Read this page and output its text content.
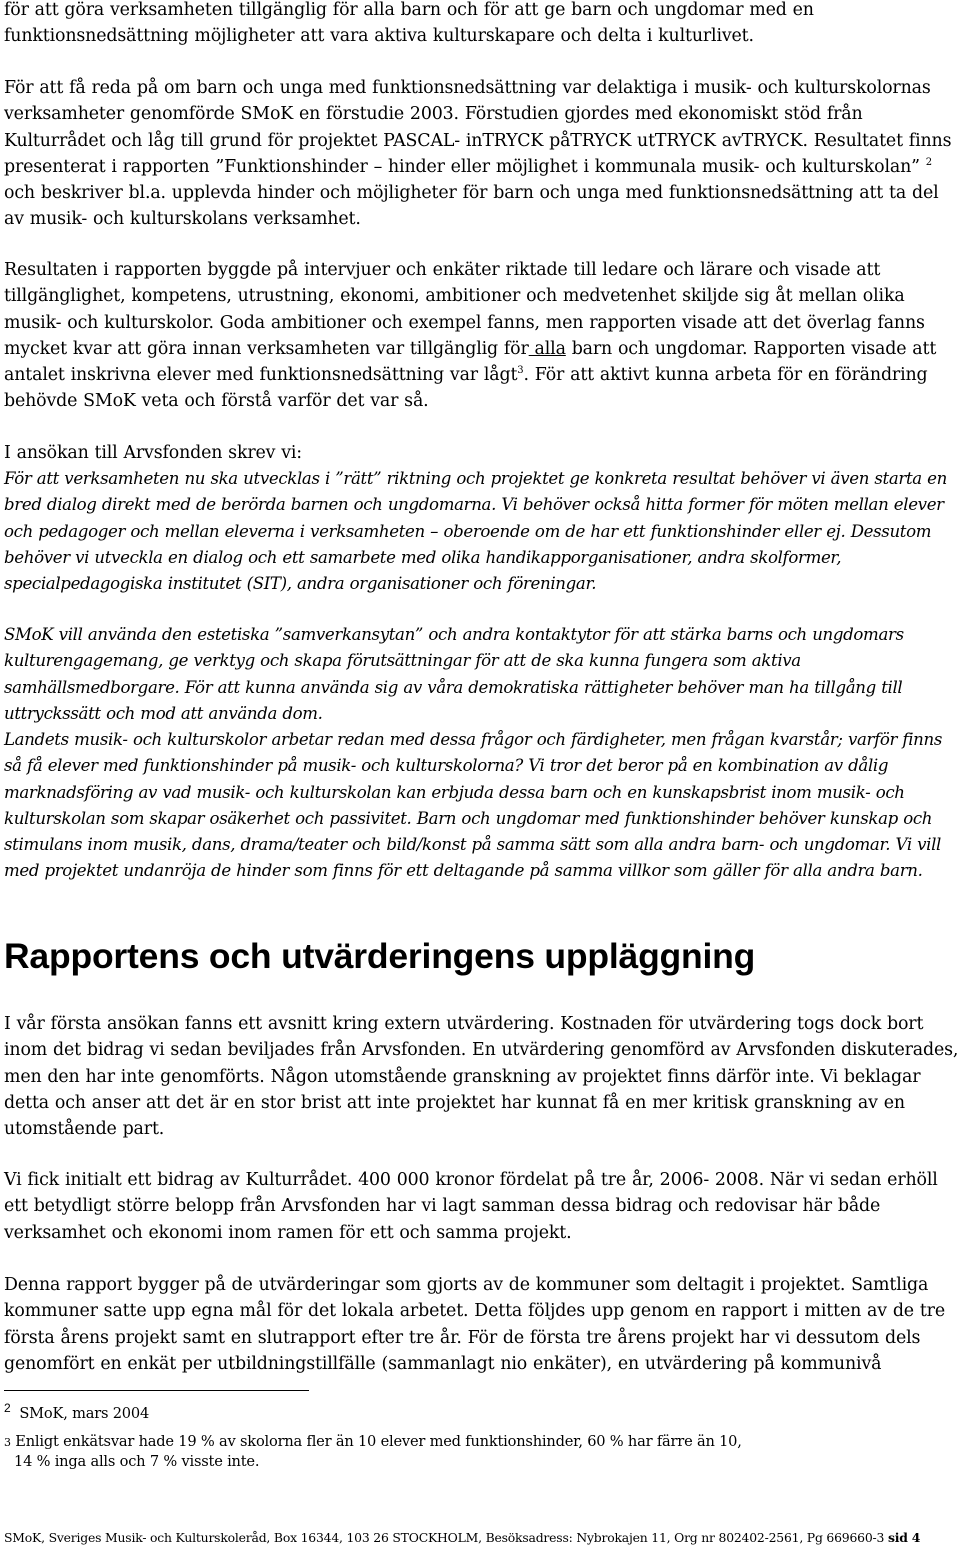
för att göra verksamheten tillgänglig för alla barn och för att ge barn och ungdomar med en

funktionsnedsättning möjligheter att vara aktiva kulturskapare och delta i kulturlivet.

För att få reda på om barn och unga med funktionsnedsättning var delaktiga i musik- och kulturskolornas verksamheter genomförde SMoK en förstudie 2003. Förstudien gjordes med ekonomiskt stöd från Kulturrådet och låg till grund för projektet PASCAL- inTRYCK påTRYCK utTRYCK avTRYCK. Resultatet finns presenterat i rapporten ”Funktionshinder – hinder eller möjlighet i kommunala musik- och kulturskolan” $^2$ och beskriver bl.a. upplevda hinder och möjligheter för barn och unga med funktionsnedsättning att ta del av musik- och kulturskolans verksamhet.

Resultaten i rapporten byggde på intervjuer och enkäter riktade till ledare och lärare och visade att tillgänglighet, kompetens, utrustning, ekonomi, ambitioner och medvetenhet skiljde sig åt mellan olika musik- och kulturskolor. Goda ambitioner och exempel fanns, men rapporten visade att det överlag fanns mycket kvar att göra innan verksamheten var tillgänglig för alla barn och ungdomar. Rapporten visade att antalet inskrivna elever med funktionsnedsättning var lågt$^3$. För att aktivt kunna arbeta för en förändring behövde SMoK veta och förstå varför det var så.

I ansökan till Arvsfonden skrev vi:

För att verksamheten nu ska utvecklas i ”rätt” riktning och projektet ge konkreta resultat behöver vi även starta en bred dialog direkt med de berörda barnen och ungdomarna. Vi behöver också hitta former för möten mellan elever och pedagoger och mellan eleverna i verksamheten – oberoende om de har ett funktionshinder eller ej. Dessutom behöver vi utveckla en dialog och ett samarbete med olika handikapporganisationer, andra skolformer, specialpedagogiska institutet (SIT), andra organisationer och föreningar.

SMoK vill använda den estetiska ”samverkansytan” och andra kontaktytor för att stärka barns och ungdomars kulturengagemang, ge verktyg och skapa förutsättningar för att de ska kunna fungera som aktiva samhällsmedborgare. För att kunna använda sig av våra demokratiska rättigheter behöver man ha tillgång till uttryckssätt och mod att använda dom.

Landets musik- och kulturskolor arbetar redan med dessa frågor och färdigheter, men frågan kvarstår; varför finns så få elever med funktionshinder på musik- och kulturskolorna? Vi tror det beror på en kombination av dålig marknadsföring av vad musik- och kulturskolan kan erbjuda dessa barn och en kunskapsbrist inom musik- och kulturskolan som skapar osäkerhet och passivitet. Barn och ungdomar med funktionshinder behöver kunskap och stimulans inom musik, dans, drama/teater och bild/konst på samma sätt som alla andra barn- och ungdomar. Vi vill med projektet undanröja de hinder som finns för ett deltagande på samma villkor som gäller för alla andra barn.

Rapportens och utvärderingens uppläggning

I vår första ansökan fanns ett avsnitt kring extern utvärdering. Kostnaden för utvärdering togs dock bort inom det bidrag vi sedan beviljades från Arvsfonden. En utvärdering genomförd av Arvsfonden diskuterades, men den har inte genomförts. Någon utomstående granskning av projektet finns därför inte. Vi beklagar detta och anser att det är en stor brist att inte projektet har kunnat få en mer kritisk granskning av en utomstående part.

Vi fick initialt ett bidrag av Kulturrådet. 400 000 kronor fördelat på tre år, 2006- 2008. När vi sedan erhöll ett betydligt större belopp från Arvsfonden har vi lagt samman dessa bidrag och redovisar här både verksamhet och ekonomi inom ramen för ett och samma projekt.

Denna rapport bygger på de utvärderingar som gjorts av de kommuner som deltagit i projektet. Samtliga kommuner satte upp egna mål för det lokala arbetet. Detta följdes upp genom en rapport i mitten av de tre första årens projekt samt en slutrapport efter tre år. För de första tre årens projekt har vi dessutom dels genomfört en enkät per utbildningstillfälle (sammanlagt nio enkäter), en utvärdering på kommunivå

$^2$ SMoK, mars 2004

3 Enligt enkätsvar hade 19 % av skolorna fler än 10 elever med funktionshinder, 60 % har färre än 10,

14 % inga alls och 7 % visste inte.

SMoK, Sveriges Musik- och Kulturskoleråd, Box 16344, 103 26 STOCKHOLM, Besöksadress: Nybrokajen 11, Org nr 802402-2561, Pg 669660-3 sid 4
